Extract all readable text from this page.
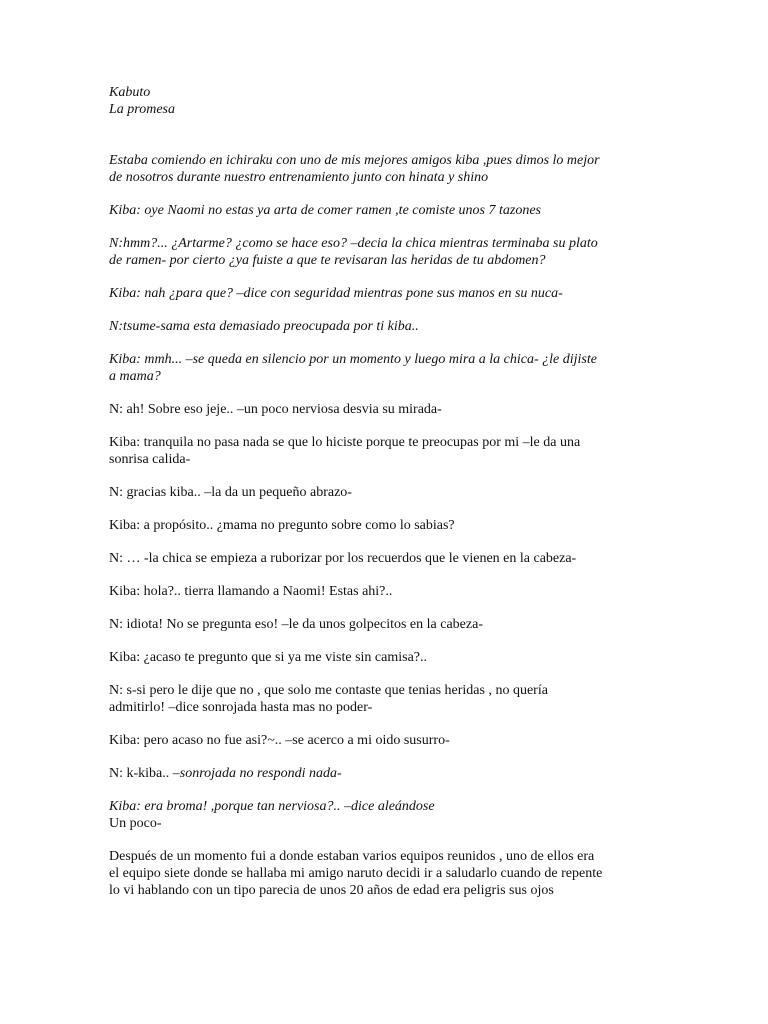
Kabuto
La promesa

Estaba comiendo en ichiraku con uno de mis mejores amigos kiba ,pues dimos lo mejor
de nosotros durante nuestro entrenamiento junto con hinata y shino

Kiba: oye Naomi no estas ya arta de comer ramen ,te comiste unos 7 tazones

N:hmm?... ¿Artarme? ¿como se hace eso? –decia la chica mientras terminaba su plato
de ramen- por cierto ¿ya fuiste a que te revisaran las heridas de tu abdomen?

Kiba: nah ¿para que? –dice con seguridad mientras pone sus manos en su nuca-

N:tsume-sama esta demasiado preocupada por ti kiba..

Kiba: mmh... –se queda en silencio por un momento y luego mira a la chica- ¿le dijiste
a mama?

N: ah! Sobre eso jeje.. –un poco nerviosa desvia su mirada-

Kiba: tranquila no pasa nada se que lo hiciste porque te preocupas por mi –le da una
sonrisa calida-

N: gracias kiba.. –la da un pequeño abrazo-

Kiba: a propósito.. ¿mama no pregunto sobre como lo sabias?

N: … -la chica se empieza a ruborizar por los recuerdos que le vienen en la cabeza-

Kiba: hola?.. tierra llamando a Naomi! Estas ahi?..

N: idiota! No se pregunta eso! –le da unos golpecitos en la cabeza-

Kiba: ¿acaso te pregunto que si ya me viste sin camisa?..

N: s-si pero le dije que no , que solo me contaste que tenias heridas , no quería
admitirlo! –dice sonrojada hasta mas no poder-

Kiba: pero acaso no fue asi?~.. –se acerco a mi oido susurro-

N: k-kiba.. –sonrojada no respondi nada-

Kiba: era broma! ,porque tan nerviosa?.. –dice aleándose
Un poco-

Después de un momento fui a donde estaban varios equipos reunidos , uno de ellos era
el equipo siete donde se hallaba mi amigo naruto decidi ir a saludarlo cuando de repente
lo vi hablando con un tipo parecia de unos 20 años de edad era peligris sus ojos
